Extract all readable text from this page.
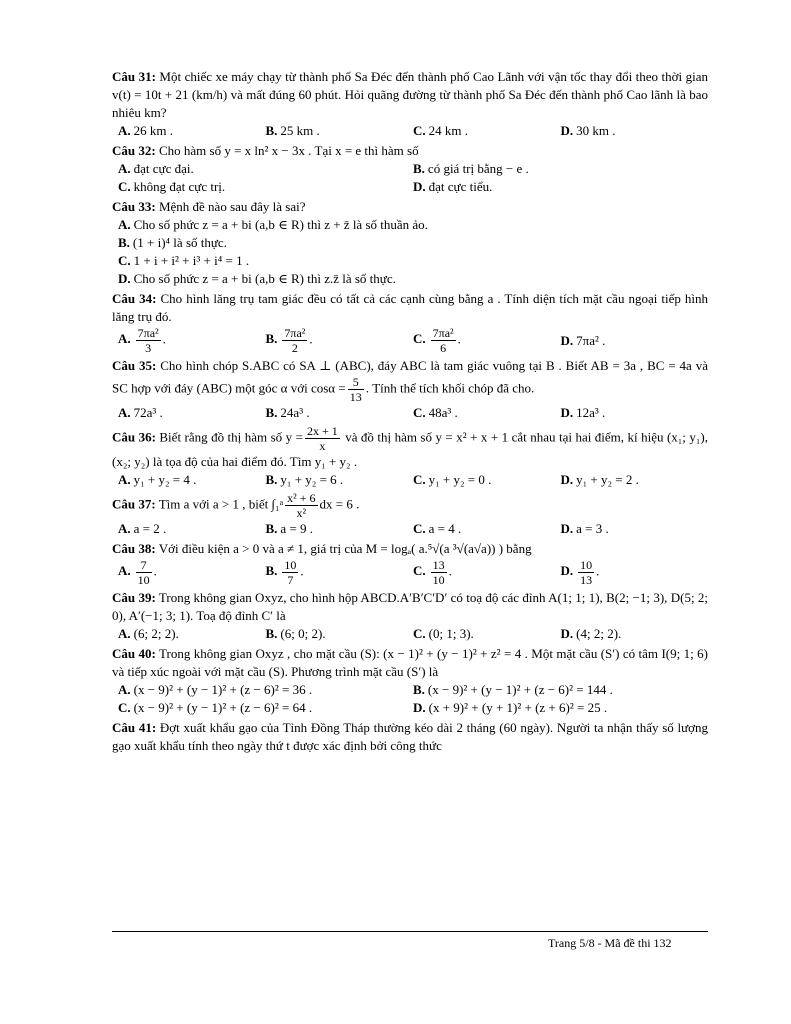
Câu 31: Một chiếc xe máy chạy từ thành phố Sa Đéc đến thành phố Cao Lãnh với vận tốc thay đổi theo thời gian v(t) = 10t + 21 (km/h) và mất đúng 60 phút. Hỏi quãng đường từ thành phố Sa Đéc đến thành phố Cao lãnh là bao nhiêu km?
A. 26 km .	B. 25 km .	C. 24 km .	D. 30 km .
Câu 32: Cho hàm số y = x ln² x − 3x . Tại x = e thì hàm số
A. đạt cực đại.	B. có giá trị bằng − e .
C. không đạt cực trị.	D. đạt cực tiểu.
Câu 33: Mệnh đề nào sau đây là sai?
A. Cho số phức z = a + bi (a,b ∈ R) thì z + z̄ là số thuần ảo.
B. (1 + i)⁴ là số thực.
C. 1 + i + i² + i³ + i⁴ = 1 .
D. Cho số phức z = a + bi (a,b ∈ R) thì z.z̄ là số thực.
Câu 34: Cho hình lăng trụ tam giác đều có tất cả các cạnh cùng bằng a . Tính diện tích mặt cầu ngoại tiếp hình lăng trụ đó.
A. $\frac{\text{7πa²}}{3}$ .	B. $\frac{\text{7πa²}}{2}$ .	C. $\frac{\text{7πa²}}{6}$ .	D. 7πa² .
Câu 35: Cho hình chóp S.ABC có SA ⊥ (ABC), đáy ABC là tam giác vuông tại B . Biết AB = 3a , BC = 4a và SC hợp với đáy (ABC) một góc α với $\cos\alpha = \frac{5}{13}$ . Tính thể tích khối chóp đã cho.
A. 72a³ .	B. 24a³ .	C. 48a³ .	D. 12a³ .
Câu 36: Biết rằng đồ thị hàm số $y = \frac{2x + 1}{x}$ và đồ thị hàm số y = x² + x + 1 cắt nhau tại hai điểm, kí hiệu (x₁; y₁), (x₂; y₂) là tọa độ của hai điểm đó. Tìm y₁ + y₂ .
A. y₁ + y₂ = 4 .	B. y₁ + y₂ = 6 .	C. y₁ + y₂ = 0 .	D. y₁ + y₂ = 2 .
Câu 37: Tìm a với a > 1 , biết ∫₁ᵃ $\frac{\text{x² + 6}}{\text{x²}}$ dx = 6 .
A. a = 2 .	B. a = 9 .	C. a = 4 .	D. a = 3 .
Câu 38: Với điều kiện a > 0 và a ≠ 1, giá trị của M = logₐ( a.⁵√(a ³√(a√a)) ) bằng
A. $\frac{7}{10}$ .	B. $\frac{10}{7}$ .	C. $\frac{13}{10}$ .	D. $\frac{10}{13}$ .
Câu 39: Trong không gian Oxyz, cho hình hộp ABCD.A′B′C′D′ có toạ độ các đỉnh A(1; 1; 1), B(2; −1; 3), D(5; 2; 0), A′(−1; 3; 1). Toạ độ đỉnh C′ là
A. (6; 2; 2).	B. (6; 0; 2).	C. (0; 1; 3).	D. (4; 2; 2).
Câu 40: Trong không gian Oxyz , cho mặt cầu (S): (x − 1)² + (y − 1)² + z² = 4 . Một mặt cầu (S′) có tâm I(9; 1; 6) và tiếp xúc ngoài với mặt cầu (S). Phương trình mặt cầu (S′) là
A. (x − 9)² + (y − 1)² + (z − 6)² = 36 .	B. (x − 9)² + (y − 1)² + (z − 6)² = 144 .
C. (x − 9)² + (y − 1)² + (z − 6)² = 64 .	D. (x + 9)² + (y + 1)² + (z + 6)² = 25 .
Câu 41: Đợt xuất khẩu gạo của Tỉnh Đồng Tháp thường kéo dài 2 tháng (60 ngày). Người ta nhận thấy số lượng gạo xuất khẩu tính theo ngày thứ t được xác định bởi công thức
Trang 5/8 - Mã đề thi 132
